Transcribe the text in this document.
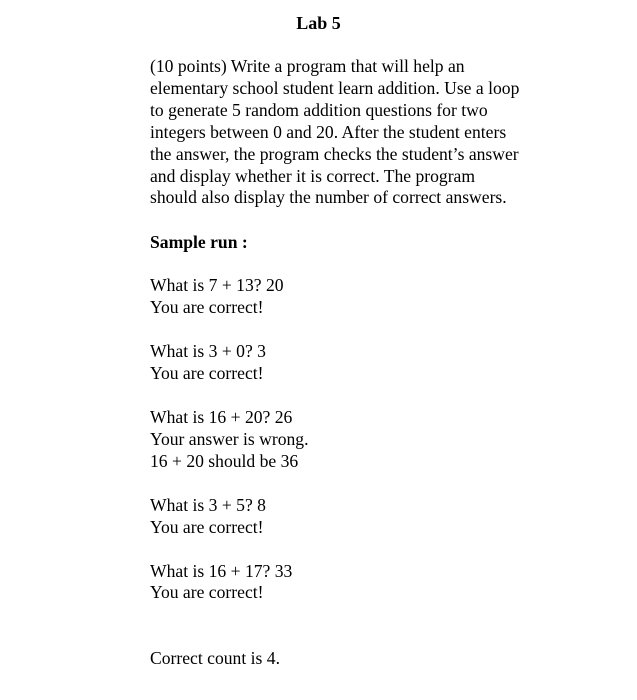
Lab 5

(10 points) Write a program that will help an
elementary school student learn addition. Use a loop
to generate 5 random addition questions for two
integers between 0 and 20. After the student enters
the answer, the program checks the student’s answer
and display whether it is correct. The program
should also display the number of correct answers.

Sample run :
What is 7 + 13? 20
You are correct!
What is 3 + 0? 3
You are correct!
What is 16 + 20? 26
Your answer is wrong.
16 + 20 should be 36
What is 3 + 5? 8
You are correct!
What is 16 + 17? 33
You are correct!
Correct count is 4.
